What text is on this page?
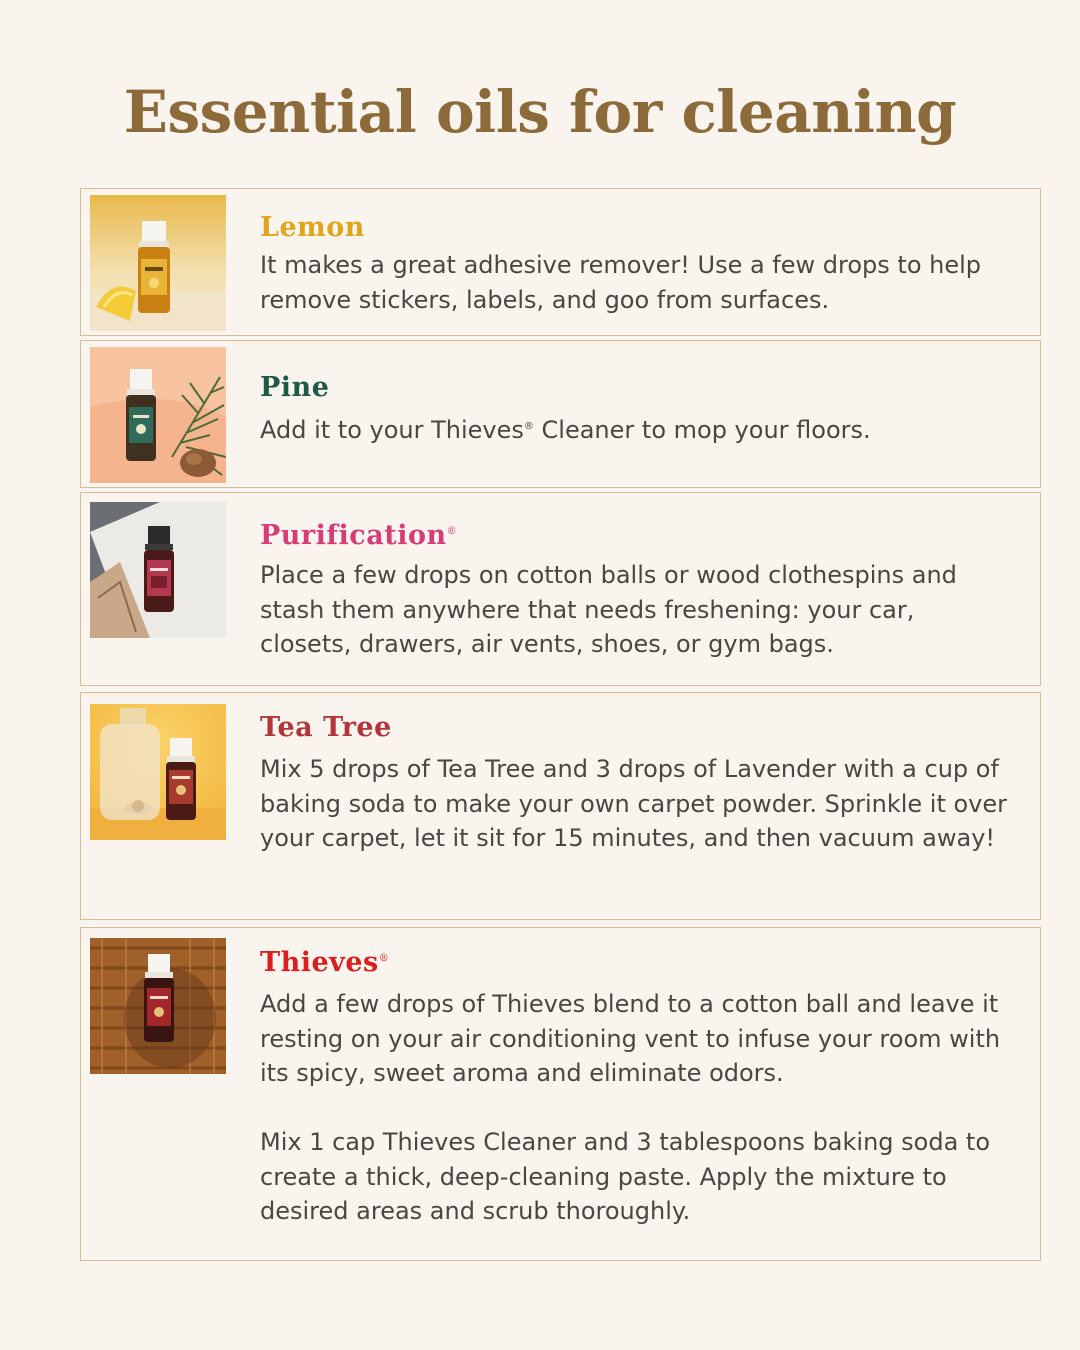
Essential oils for cleaning
Lemon
It makes a great adhesive remover! Use a few drops to help remove stickers, labels, and goo from surfaces.
Pine
Add it to your Thieves® Cleaner to mop your floors.
Purification®
Place a few drops on cotton balls or wood clothespins and stash them anywhere that needs freshening: your car, closets, drawers, air vents, shoes, or gym bags.
Tea Tree
Mix 5 drops of Tea Tree and 3 drops of Lavender with a cup of baking soda to make your own carpet powder. Sprinkle it over your carpet, let it sit for 15 minutes, and then vacuum away!
Thieves®
Add a few drops of Thieves blend to a cotton ball and leave it resting on your air conditioning vent to infuse your room with its spicy, sweet aroma and eliminate odors.
Mix 1 cap Thieves Cleaner and 3 tablespoons baking soda to create a thick, deep-cleaning paste. Apply the mixture to desired areas and scrub thoroughly.
